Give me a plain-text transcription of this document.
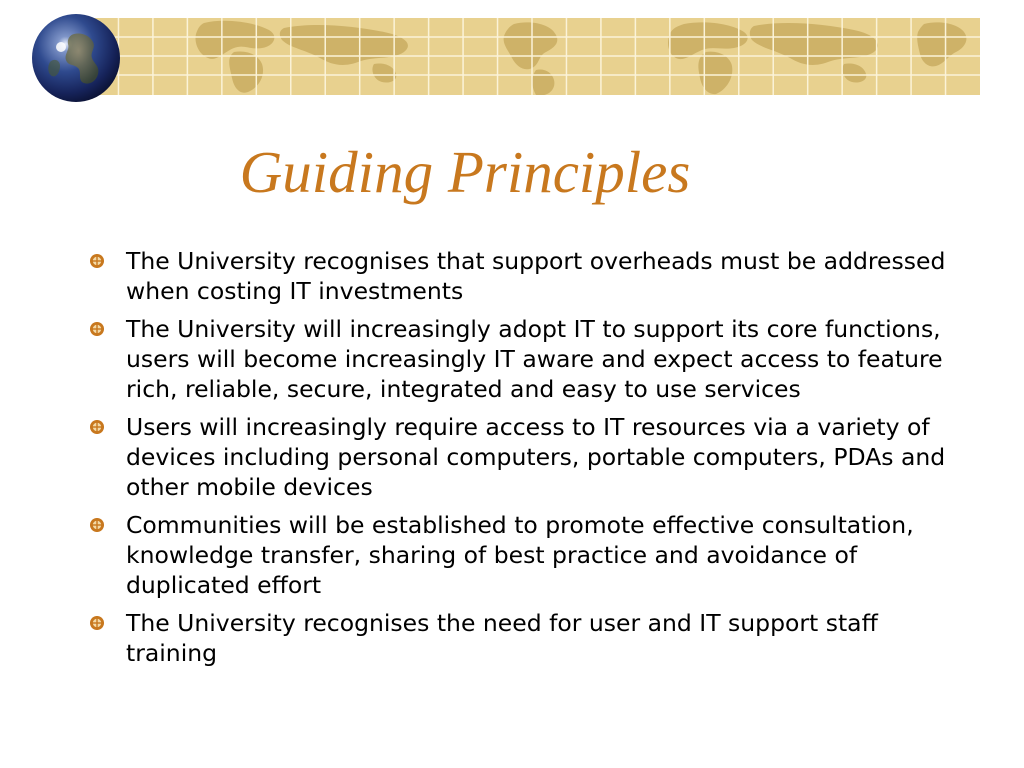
Guiding Principles
The University recognises that support overheads must be addressed when costing IT investments
The University will increasingly adopt IT to support its core functions, users will become increasingly IT aware and expect access to feature rich, reliable, secure, integrated and easy to use services
Users will increasingly require access to IT resources via a variety of devices including personal computers, portable computers, PDAs and other mobile devices
Communities will be established to promote effective consultation, knowledge transfer, sharing of best practice and avoidance of duplicated effort
The University recognises the need for user and IT support staff training
